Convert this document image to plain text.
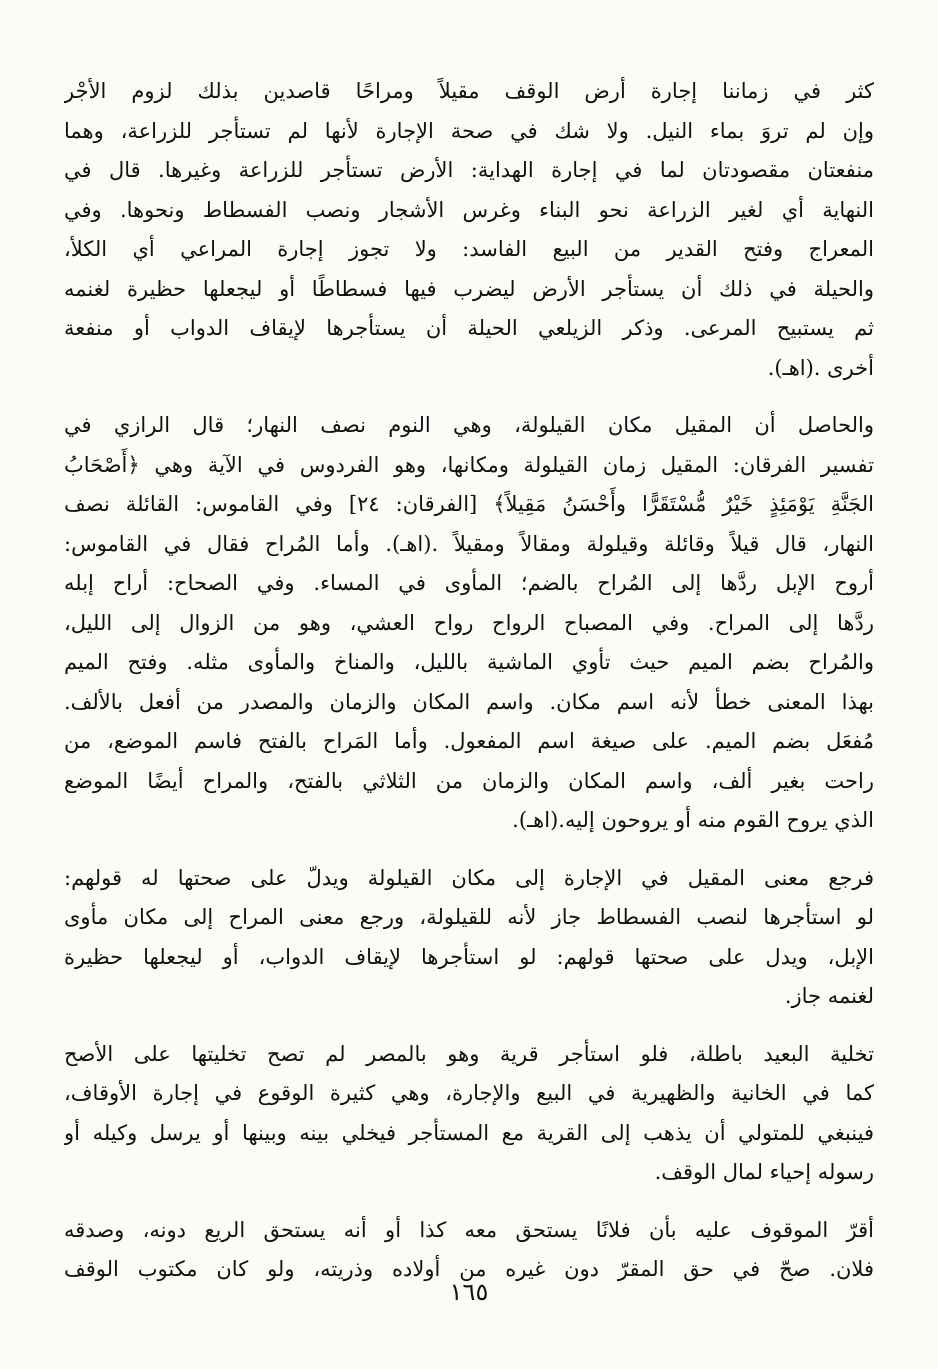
كثر في زماننا إجارة أرض الوقف مقيلاً ومراحًا قاصدين بذلك لزوم الأجْر
وإن لم تروَ بماء النيل. ولا شك في صحة الإجارة لأنها لم تستأجر للزراعة، وهما
منفعتان مقصودتان لما في إجارة الهداية: الأرض تستأجر للزراعة وغيرها. قال في
النهاية أي لغير الزراعة نحو البناء وغرس الأشجار ونصب الفسطاط ونحوها. وفي
المعراج وفتح القدير من البيع الفاسد: ولا تجوز إجارة المراعي أي الكلأ،
والحيلة في ذلك أن يستأجر الأرض ليضرب فيها فسطاطًا أو ليجعلها حظيرة لغنمه
ثم يستبيح المرعى. وذكر الزيلعي الحيلة أن يستأجرها لإيقاف الدواب أو منفعة
أخرى .(اهـ).

والحاصل أن المقيل مكان القيلولة، وهي النوم نصف النهار؛ قال الرازي في
تفسير الفرقان: المقيل زمان القيلولة ومكانها، وهو الفردوس في الآية وهي ﴿أَصْحَابُ
الجَنَّةِ يَوْمَئِذٍ خَيْرٌ مُّسْتَقَرًّا وأَحْسَنُ مَقِيلاً﴾ [الفرقان: ٢٤] وفي القاموس: القائلة نصف
النهار، قال قيلاً وقائلة وقيلولة ومقالاً ومقيلاً .(اهـ). وأما المُراح فقال في القاموس:
أروح الإبل ردَّها إلى المُراح بالضم؛ المأوى في المساء. وفي الصحاح: أراح إبله
ردَّها إلى المراح. وفي المصباح الرواح رواح العشي، وهو من الزوال إلى الليل،
والمُراح بضم الميم حيث تأوي الماشية بالليل، والمناخ والمأوى مثله. وفتح الميم
بهذا المعنى خطأ لأنه اسم مكان. واسم المكان والزمان والمصدر من أفعل بالألف.
مُفعَل بضم الميم. على صيغة اسم المفعول. وأما المَراح بالفتح فاسم الموضع، من
راحت بغير ألف، واسم المكان والزمان من الثلاثي بالفتح، والمراح أيضًا الموضع
الذي يروح القوم منه أو يروحون إليه.(اهـ).

فرجع معنى المقيل في الإجارة إلى مكان القيلولة ويدلّ على صحتها له قولهم:
لو استأجرها لنصب الفسطاط جاز لأنه للقيلولة، ورجع معنى المراح إلى مكان مأوى
الإبل، ويدل على صحتها قولهم: لو استأجرها لإيقاف الدواب، أو ليجعلها حظيرة
لغنمه جاز.

تخلية البعيد باطلة، فلو استأجر قرية وهو بالمصر لم تصح تخليتها على الأصح
كما في الخانية والظهيرية في البيع والإجارة، وهي كثيرة الوقوع في إجارة الأوقاف،
فينبغي للمتولي أن يذهب إلى القرية مع المستأجر فيخلي بينه وبينها أو يرسل وكيله أو
رسوله إحياء لمال الوقف.

أقرّ الموقوف عليه بأن فلانًا يستحق معه كذا أو أنه يستحق الريع دونه، وصدقه
فلان. صحّ في حق المقرّ دون غيره من أولاده وذريته، ولو كان مكتوب الوقف

١٦٥
